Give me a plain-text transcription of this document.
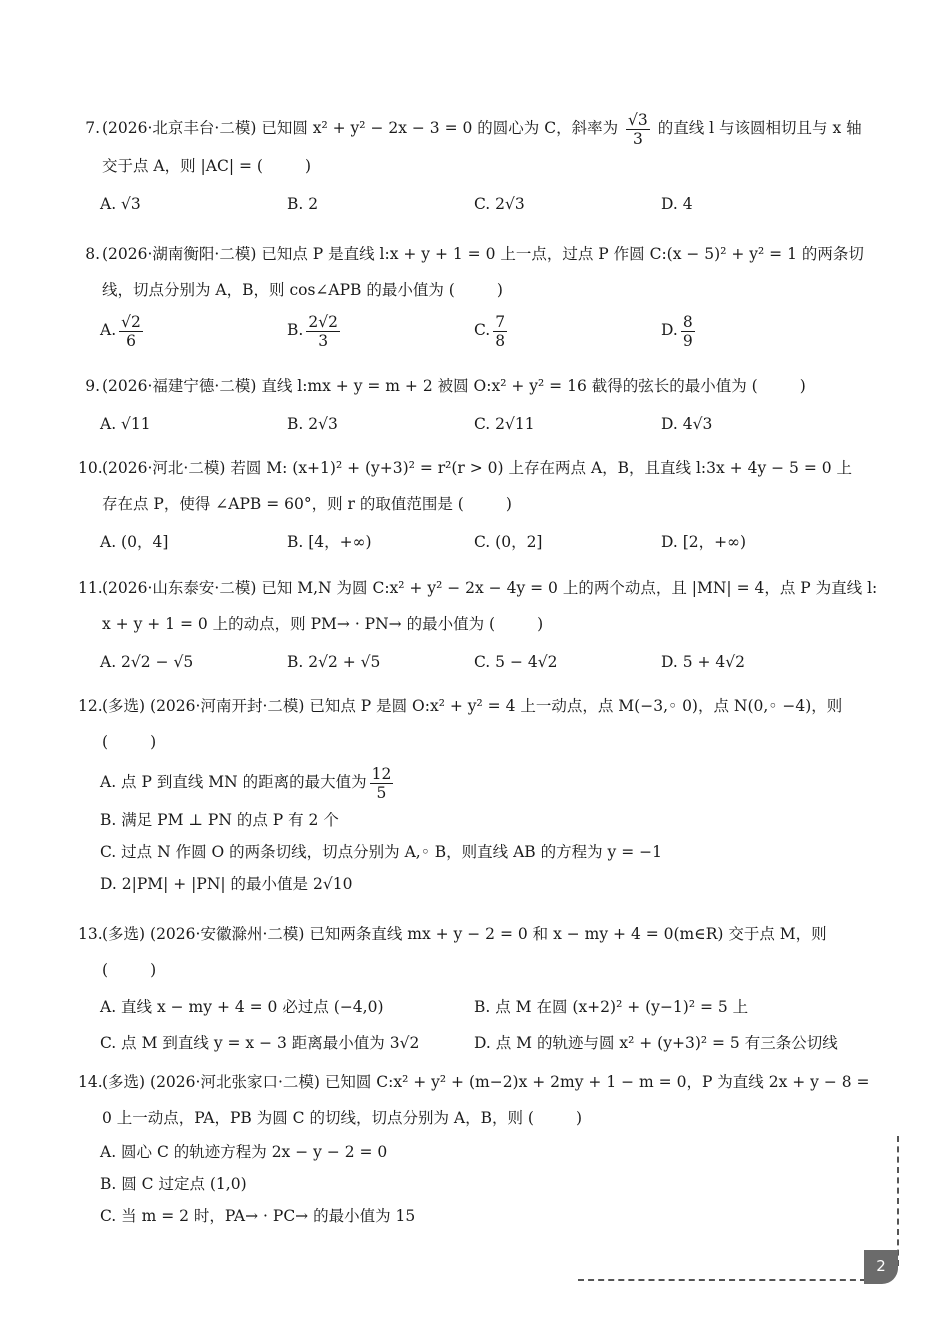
7. (2026·北京丰台·二模) 已知圆 x² + y² − 2x − 3 = 0 的圆心为 C，斜率为 $\frac{√3}{3}$ 的直线 l 与该圆相切且与 x 轴
交于点 A，则 |AC| = (	)
A. √3	B. 2	C. 2√3	D. 4
8. (2026·湖南衡阳·二模) 已知点 P 是直线 l:x + y + 1 = 0 上一点，过点 P 作圆 C:(x − 5)² + y² = 1 的两条切
线，切点分别为 A，B，则 cos∠APB 的最小值为 (	)
A. $\frac{√2}{6}$	B. $\frac{2√2}{3}$	C. $\frac{7}{8}$	D. $\frac{8}{9}$
9. (2026·福建宁德·二模) 直线 l:mx + y = m + 2 被圆 O:x² + y² = 16 截得的弦长的最小值为 (	)
A. √11	B. 2√3	C. 2√11	D. 4√3
10.(2026·河北·二模) 若圆 M: (x+1)² + (y+3)² = r²(r > 0) 上存在两点 A，B，且直线 l:3x + 4y − 5 = 0 上
存在点 P，使得 ∠APB = 60°，则 r 的取值范围是 (	)
A. (0，4]	B. [4，+∞)	C. (0，2]	D. [2，+∞)
11.(2026·山东泰安·二模) 已知 M,N 为圆 C:x² + y² − 2x − 4y = 0 上的两个动点，且 |MN| = 4，点 P 为直线 l:
x + y + 1 = 0 上的动点，则 PM→ · PN→ 的最小值为 (	)
A. 2√2 − √5	B. 2√2 + √5	C. 5 − 4√2	D. 5 + 4√2
12.(多选) (2026·河南开封·二模) 已知点 P 是圆 O:x² + y² = 4 上一动点，点 M(−3,◦ 0)，点 N(0,◦ −4)，则
(	)
A. 点 P 到直线 MN 的距离的最大值为 $\frac{12}{5}$
B. 满足 PM ⊥ PN 的点 P 有 2 个
C. 过点 N 作圆 O 的两条切线，切点分别为 A,◦ B，则直线 AB 的方程为 y = −1
D. 2|PM| + |PN| 的最小值是 2√10
13.(多选) (2026·安徽滁州·二模) 已知两条直线 mx + y − 2 = 0 和 x − my + 4 = 0(m∈R) 交于点 M，则
(	)
A. 直线 x − my + 4 = 0 必过点 (−4,0)	B. 点 M 在圆 (x+2)² + (y−1)² = 5 上
C. 点 M 到直线 y = x − 3 距离最小值为 3√2	D. 点 M 的轨迹与圆 x² + (y+3)² = 5 有三条公切线
14.(多选) (2026·河北张家口·二模) 已知圆 C:x² + y² + (m−2)x + 2my + 1 − m = 0，P 为直线 2x + y − 8 =
0 上一动点，PA，PB 为圆 C 的切线，切点分别为 A，B，则 (	)
A. 圆心 C 的轨迹方程为 2x − y − 2 = 0
B. 圆 C 过定点 (1,0)
C. 当 m = 2 时，PA→ · PC→ 的最小值为 15
2
